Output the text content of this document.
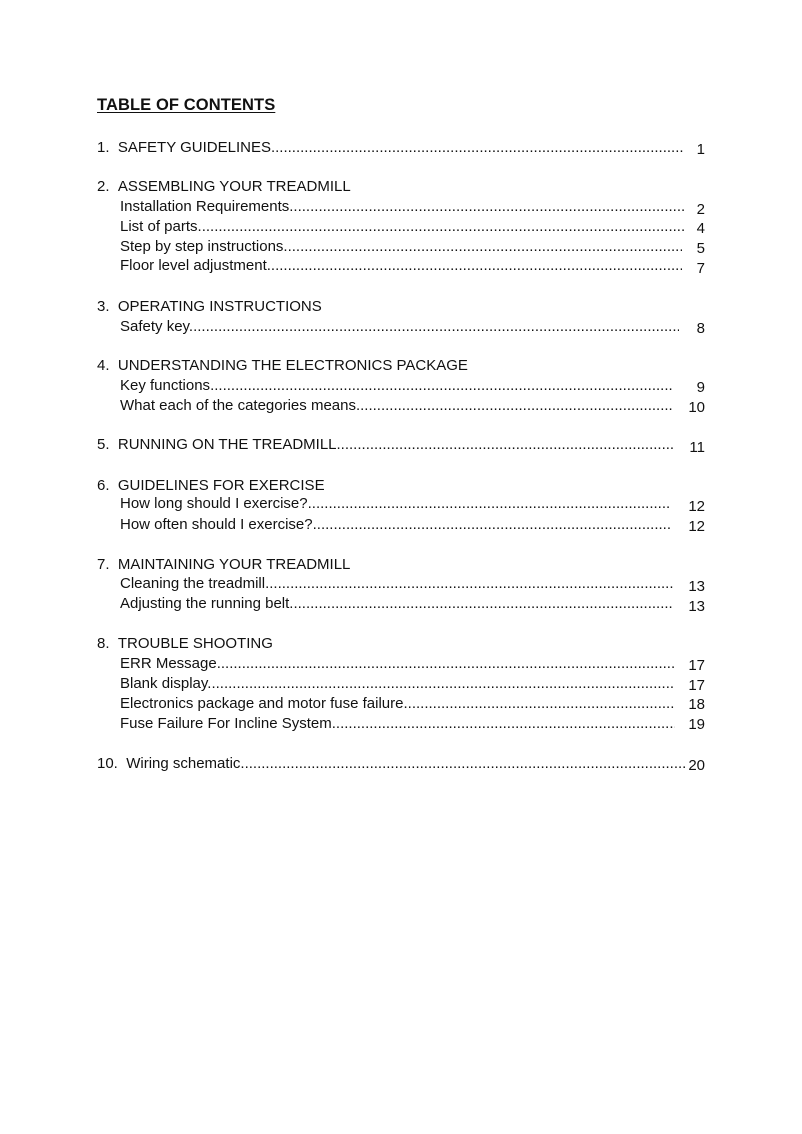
TABLE OF CONTENTS
1. SAFETY GUIDELINES .....	1
2. ASSEMBLING YOUR TREADMILL
Installation Requirements .....	2
List of parts .....	4
Step by step instructions .....	5
Floor level adjustment .....	7
3. OPERATING INSTRUCTIONS
Safety key .....	8
4. UNDERSTANDING THE ELECTRONICS PACKAGE
Key functions .....	9
What each of the categories means .....	10
5. RUNNING ON THE TREADMILL .....	11
6. GUIDELINES FOR EXERCISE
How long should I exercise? .....	12
How often should I exercise? .....	12
7. MAINTAINING YOUR TREADMILL
Cleaning the treadmill .....	13
Adjusting the running belt .....	13
8. TROUBLE SHOOTING
ERR Message .....	17
Blank display .....	17
Electronics package and motor fuse failure .....	18
Fuse Failure For Incline System .....	19
10. Wiring schematic .....	20
